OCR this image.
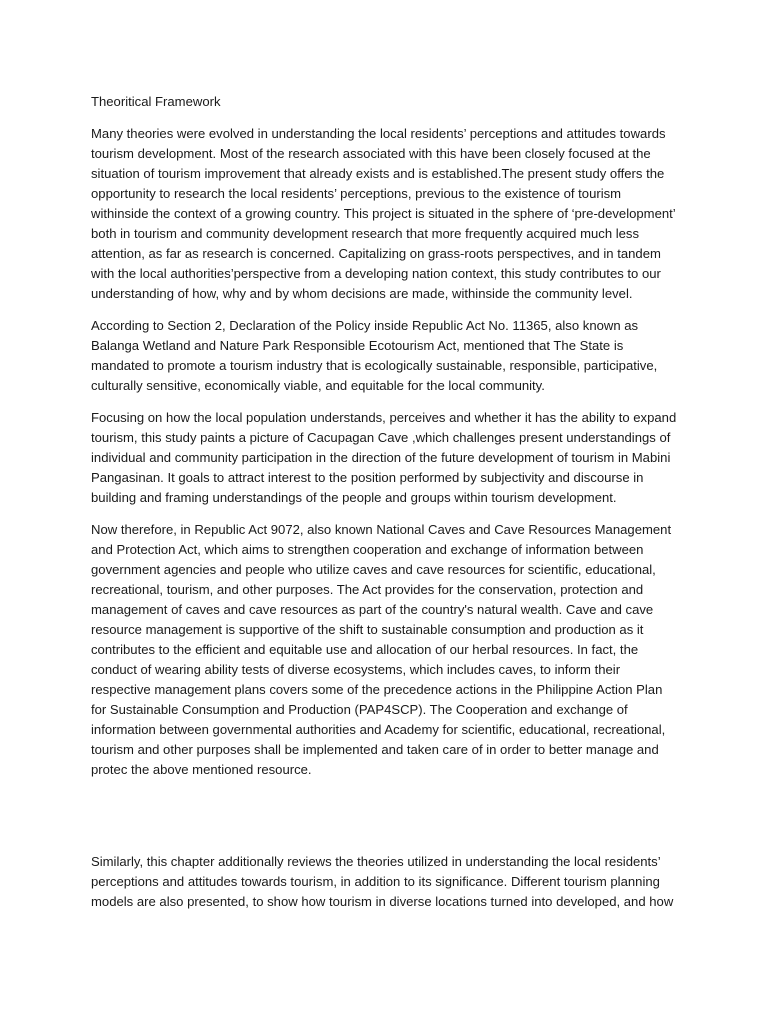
Theoritical Framework

Many theories were evolved in understanding the local residents’ perceptions and attitudes towards tourism development. Most of the research associated with this have been closely focused at the situation of tourism improvement that already exists and is established.The present study offers the opportunity to research the local residents’ perceptions, previous to the existence of tourism withinside the context of a growing country. This project is situated in the sphere of ‘pre-development’ both in tourism and community development research that more frequently acquired much less attention, as far as research is concerned. Capitalizing on grass-roots perspectives, and in tandem with the local authorities’perspective from a developing nation context, this study contributes to our understanding of how, why and by whom decisions are made, withinside the community level.

According to Section 2, Declaration of the Policy inside Republic Act No. 11365, also known as Balanga Wetland and Nature Park Responsible Ecotourism Act, mentioned that The State is mandated to promote a tourism industry that is ecologically sustainable, responsible, participative, culturally sensitive, economically viable, and equitable for the local community.

Focusing on how the local population understands, perceives and whether it has the ability to expand tourism, this study paints a picture of Cacupagan Cave ,which challenges present understandings of individual and community participation in the direction of the future development of tourism in Mabini Pangasinan. It goals to attract interest to the position performed by subjectivity and discourse in building and framing understandings of the people and groups within tourism development.

Now therefore, in Republic Act 9072, also known National Caves and Cave Resources Management and Protection Act, which aims to strengthen cooperation and exchange of information between government agencies and people who utilize caves and cave resources for scientific, educational, recreational, tourism, and other purposes. The Act provides for the conservation, protection and management of caves and cave resources as part of the country's natural wealth. Cave and cave resource management is supportive of the shift to sustainable consumption and production as it contributes to the efficient and equitable use and allocation of our herbal resources. In fact, the conduct of wearing ability tests of diverse ecosystems, which includes caves, to inform their respective management plans covers some of the precedence actions in the Philippine Action Plan for Sustainable Consumption and Production (PAP4SCP). The Cooperation and exchange of information between governmental authorities and Academy for scientific, educational, recreational, tourism and other purposes shall be implemented and taken care of in order to better manage and protec the above mentioned resource.

Similarly, this chapter additionally reviews the theories utilized in understanding the local residents’ perceptions and attitudes towards tourism, in addition to its significance. Different tourism planning models are also presented, to show how tourism in diverse locations turned into developed, and how
